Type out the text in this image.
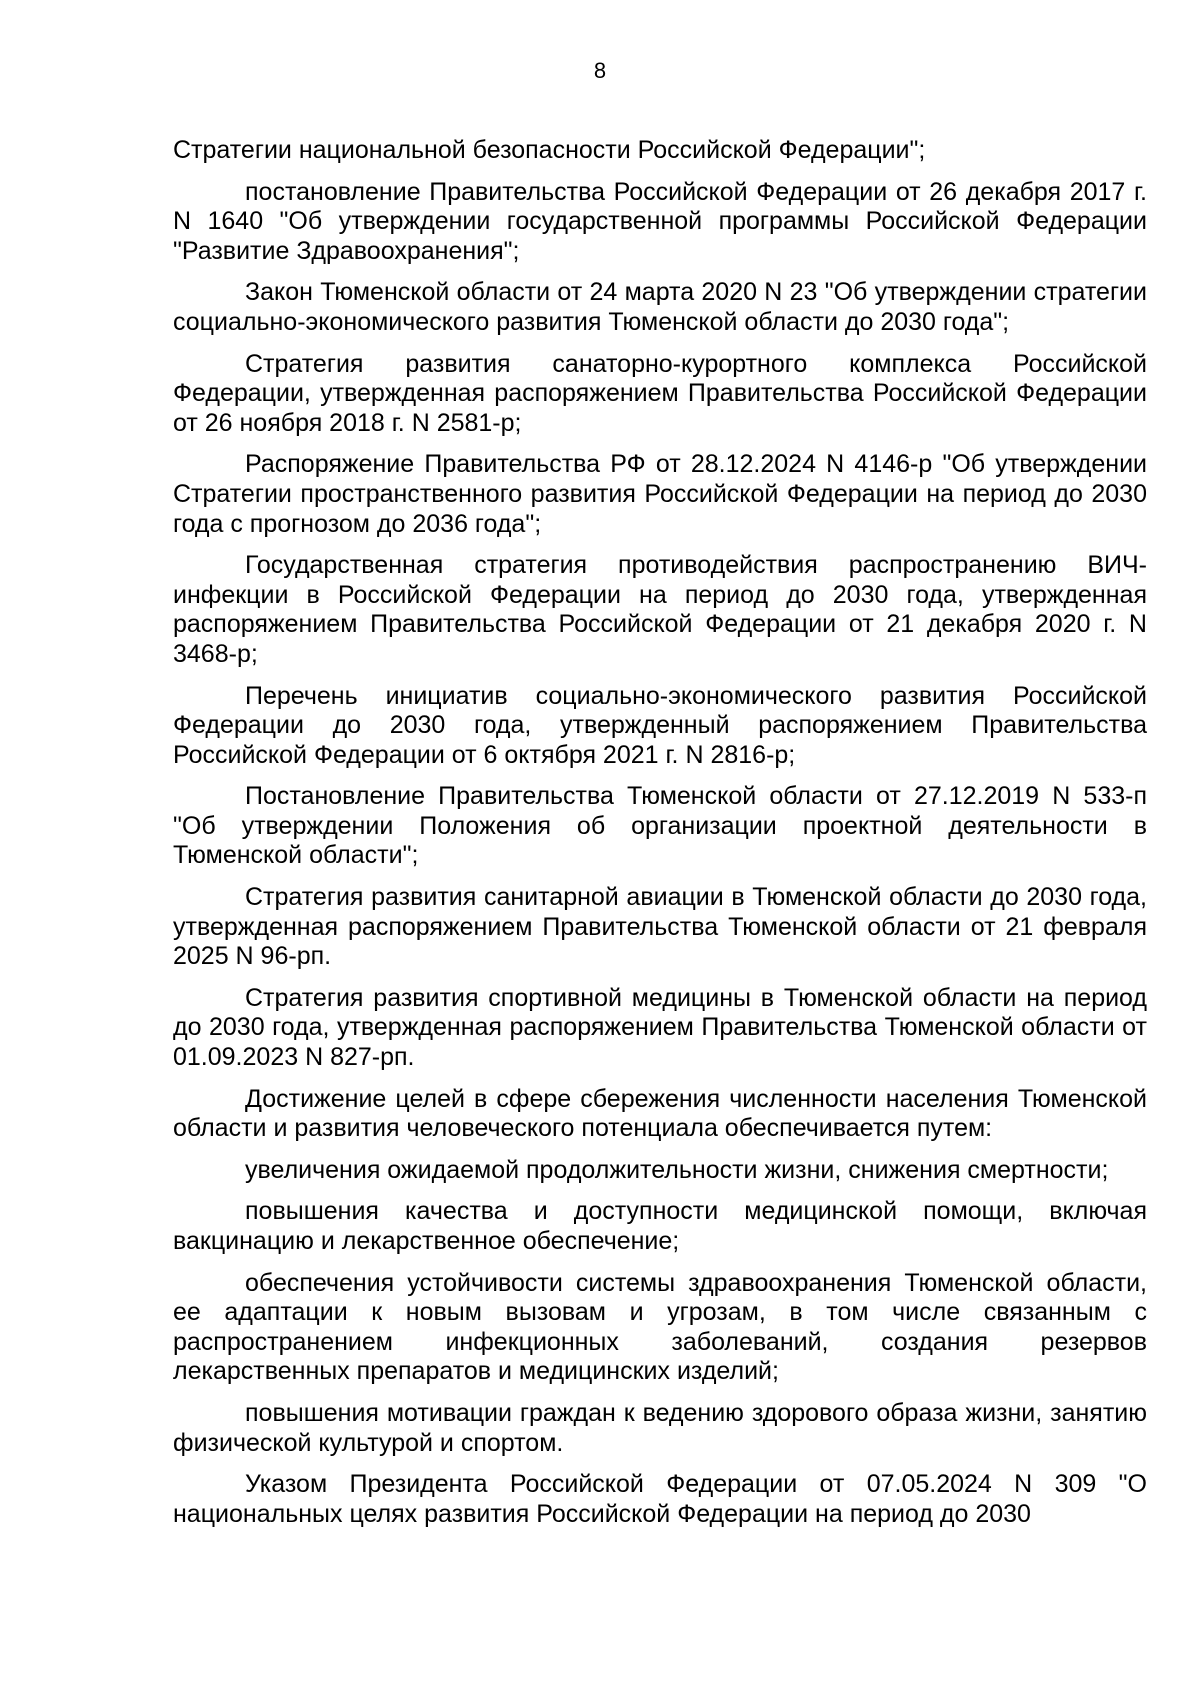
8

Стратегии национальной безопасности Российской Федерации";

постановление Правительства Российской Федерации от 26 декабря 2017 г. N 1640 "Об утверждении государственной программы Российской Федерации "Развитие Здравоохранения";

Закон Тюменской области от 24 марта 2020 N 23 "Об утверждении стратегии социально-экономического развития Тюменской области до 2030 года";

Стратегия развития санаторно-курортного комплекса Российской Федерации, утвержденная распоряжением Правительства Российской Федерации от 26 ноября 2018 г. N 2581-р;

Распоряжение Правительства РФ от 28.12.2024 N 4146-р "Об утверждении Стратегии пространственного развития Российской Федерации на период до 2030 года с прогнозом до 2036 года";

Государственная стратегия противодействия распространению ВИЧ-инфекции в Российской Федерации на период до 2030 года, утвержденная распоряжением Правительства Российской Федерации от 21 декабря 2020 г. N 3468-р;

Перечень инициатив социально-экономического развития Российской Федерации до 2030 года, утвержденный распоряжением Правительства Российской Федерации от 6 октября 2021 г. N 2816-р;

Постановление Правительства Тюменской области от 27.12.2019 N 533-п "Об утверждении Положения об организации проектной деятельности в Тюменской области";

Стратегия развития санитарной авиации в Тюменской области до 2030 года, утвержденная распоряжением Правительства Тюменской области от 21 февраля 2025 N 96-рп.

Стратегия развития спортивной медицины в Тюменской области на период до 2030 года, утвержденная распоряжением Правительства Тюменской области от 01.09.2023 N 827-рп.

Достижение целей в сфере сбережения численности населения Тюменской области и развития человеческого потенциала обеспечивается путем:

увеличения ожидаемой продолжительности жизни, снижения смертности;

повышения качества и доступности медицинской помощи, включая вакцинацию и лекарственное обеспечение;

обеспечения устойчивости системы здравоохранения Тюменской области, ее адаптации к новым вызовам и угрозам, в том числе связанным с распространением инфекционных заболеваний, создания резервов лекарственных препаратов и медицинских изделий;

повышения мотивации граждан к ведению здорового образа жизни, занятию физической культурой и спортом.

Указом Президента Российской Федерации от 07.05.2024 N 309 "О национальных целях развития Российской Федерации на период до 2030
